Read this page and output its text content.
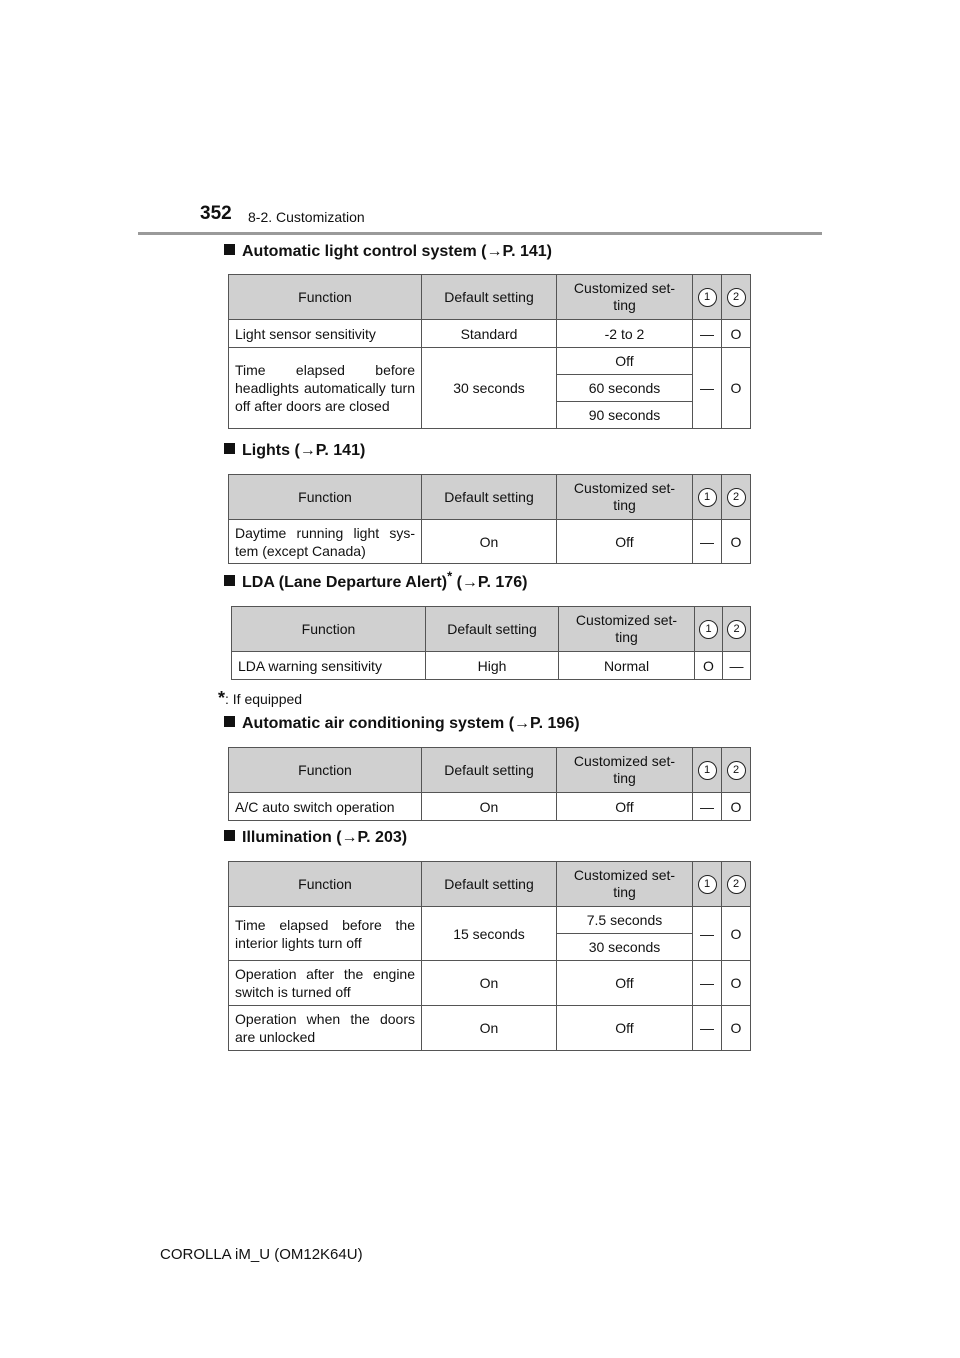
352 8-2. Customization
Automatic light control system (→P. 141)
Function	Default setting	Customized set-
ting	1	2
Light sensor sensitivity	Standard	-2 to 2	—	O
Time elapsed before headlights automatically turn off after doors are closed	30 seconds	Off	—	O
		60 seconds		
		90 seconds		
Lights (→P. 141)
Function	Default setting	Customized set-
ting	1	2
Daytime running light sys-tem (except Canada)	On	Off	—	O
LDA (Lane Departure Alert)* (→P. 176)
Function	Default setting	Customized set-
ting	1	2
LDA warning sensitivity	High	Normal	O	—
*: If equipped
Automatic air conditioning system (→P. 196)
Function	Default setting	Customized set-
ting	1	2
A/C auto switch operation	On	Off	—	O
Illumination (→P. 203)
Function	Default setting	Customized set-
ting	1	2
Time elapsed before the interior lights turn off	15 seconds	7.5 seconds	—	O
		30 seconds		
Operation after the engine switch is turned off	On	Off	—	O
Operation when the doors are unlocked	On	Off	—	O
COROLLA iM_U (OM12K64U)
